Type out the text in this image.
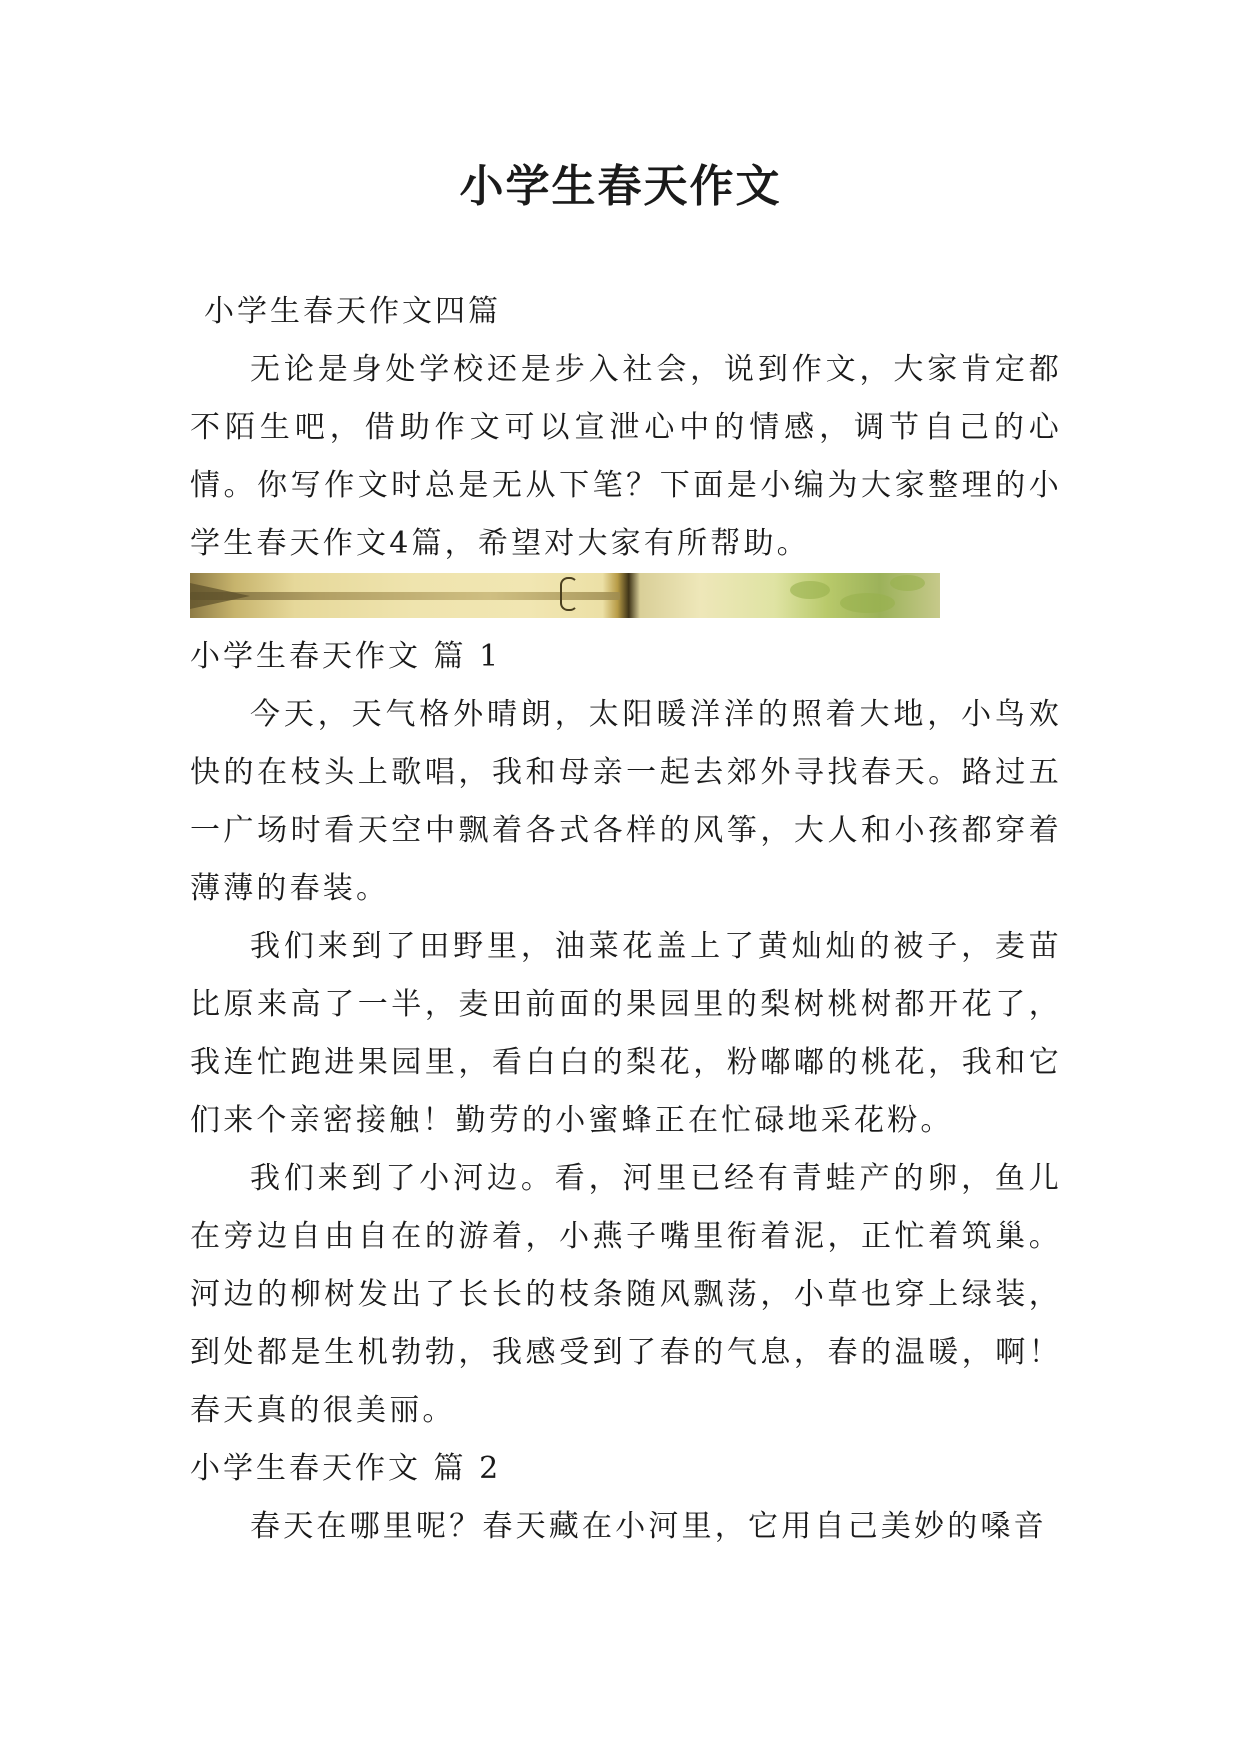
小学生春天作文

小学生春天作文四篇

无论是身处学校还是步入社会，说到作文，大家肯定都不陌生吧，借助作文可以宣泄心中的情感，调节自己的心情。你写作文时总是无从下笔？下面是小编为大家整理的小学生春天作文4篇，希望对大家有所帮助。

小学生春天作文 篇 1

今天，天气格外晴朗，太阳暖洋洋的照着大地，小鸟欢快的在枝头上歌唱，我和母亲一起去郊外寻找春天。路过五一广场时看天空中飘着各式各样的风筝，大人和小孩都穿着薄薄的春装。

我们来到了田野里，油菜花盖上了黄灿灿的被子，麦苗比原来高了一半，麦田前面的果园里的梨树桃树都开花了，我连忙跑进果园里，看白白的梨花，粉嘟嘟的桃花，我和它们来个亲密接触！勤劳的小蜜蜂正在忙碌地采花粉。

我们来到了小河边。看，河里已经有青蛙产的卵，鱼儿在旁边自由自在的游着，小燕子嘴里衔着泥，正忙着筑巢。河边的柳树发出了长长的枝条随风飘荡，小草也穿上绿装，到处都是生机勃勃，我感受到了春的气息，春的温暖，啊！春天真的很美丽。

小学生春天作文 篇 2

春天在哪里呢？春天藏在小河里，它用自己美妙的嗓音
